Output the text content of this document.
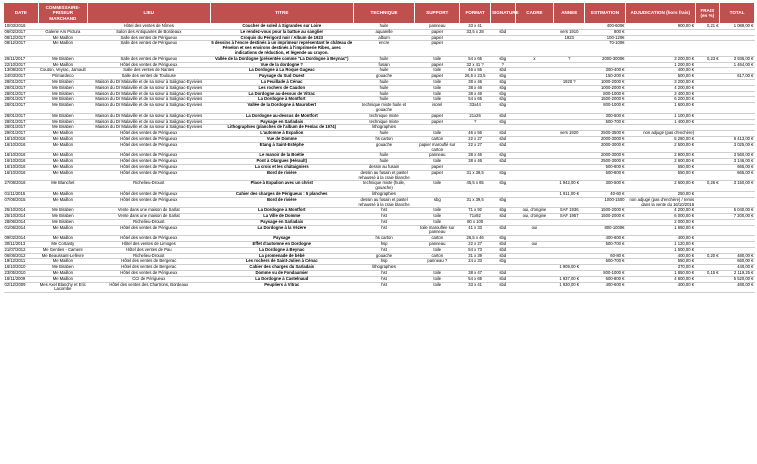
DATE	COMMISSAIRE-PRISEUR MARCHAND	LIEU	TITRE	TECHNIQUE	SUPPORT	FORMAT	SIGNATURE	CADRE	ANNEE	ESTIMATION	ADJUDICATION (hors frais)	FRAIS (en %)	TOTAL
10/03/2018		Hôtel des ventes de Nîmes	Coucher de soleil à Sigrandes sur Loire	huile	panneau	33 x 41				400-600€	900,00 €	0,21 €	1 089,00 €
06/02/2017	Galerie Ars Pictura	Salon des Antiquaires de Bordeaux	Le rendez-vous pour la battue au sanglier	aquarelle	papier	33,5 x 28	sbd		vers 1910	800 €			
08/12/2017	Me Maillon	Salle des ventes de Périgueux	Croquis du Périgord noir / Album de 1923	album	papier				1923	100-120€			
08/12/2017	Me Maillon	Salle des ventes de Périgueux	5 dessins à l'encre destinés à un imprimeur représentant le château de Fénelon et ses environs destinés à l'imprimerie Ribes, avec indications de réduction, et légende au crayon.	encre	papier					70-100€			
26/11/2017	Me Biraben	Salle des ventes de Périgueux	Vallée de la Dordogne (présentée comme "La Dordogne à Beynac")	huile	toile	54 x 65	sbg	x	?	2000-3000€	3 200,00 €	0,23 €	3 936,00 €
22/10/2017	Me Maillon	Hôtel des ventes de Périgueux	Vue de la dordogne ?	fusain	papier	32 x 41 ?	?				1 200,00 €		1 464,00 €
13/08/2017	Couton, Veyrac, Jamault	Salle des ventes de Nantes	La Dordogne à La Roque Gageac	huile	toile	46 x 55	sbd			300-400 €	400,00 €		
24/03/2017	Primardeco	Salle des ventes de Toulouse	Paysage du Sud Ouest	gouache	papier	26,5 x 23,5	sbg			150-200 €	500,00 €		617,00 €
28/01/2017	Me Biraben	Maison du Dr Malaville et de sa sœur à Salignac-Eyvivies	La Feuillade à Cénac	huile	toile	38 x 46	sbg		1920 ?	1000-2000 €	3 200,00 €		
28/01/2017	Me Biraben	Maison du Dr Malaville et de sa sœur à Salignac-Eyvivies	Les rochers de Caudon	huile	toile	38 x 46	sbg			1000-2000 €	4 200,00 €		
28/01/2017	Me Biraben	Maison du Dr Malaville et de sa sœur à Salignac-Eyvivies	La Dordogne au-dessus de Vitrac	huile	toile	38 x 46	sbg			800-1000 €	3 400,00 €		
28/01/2017	Me Biraben	Maison du Dr Malaville et de sa sœur à Salignac-Eyvivies	La Dordogne à Montfort	huile	toile	54 x 65	sbg			1500-2000 €	6 200,00 €		
28/01/2017	Me Biraben	Maison du Dr Malaville et de sa sœur à Salignac-Eyvivies	Vallée de la Dordogne à Maurobert	technique mixte huile et gouache	isorel	33x44	sbg			800-1000 €	1 600,00 €		
28/01/2017	Me Biraben	Maison du Dr Malaville et de sa sœur à Salignac-Eyvivies	La Dordogne au-dessus de Montfort	technique mixte	papier	21x26	sbd			300-500 €	1 100,00 €		
28/01/2017	Me Biraben	Maison du Dr Malaville et de sa sœur à Salignac-Eyvivies	Paysage en Sarladais	technique mixte	papier	?	sbg			500-700 €	1 400,00 €		
28/01/2017	Me Biraben	Maison du Dr Malaville et de sa sœur à Salignac-Eyvivies	Lithographies (planches de l'album de Fenlac de 1974)	lithographies									
29/01/2017	Me Maillon	Hôtel des ventes de Périgueux	L'automne à Expalion	huile	toile	46 x 55	sbd		vers 1920	2500-3500 €	non adjugé (pas d'enchère)		
16/10/2016	Me Maillon	Hôtel des ventes de Périgueux	Vue de Domme	hs carton	carton	22 x 27	sbd			2000-3000 €	5 280,00 €		6 413,00 €
16/10/2016	Me Maillon	Hôtel des ventes de Périgueux	Etang à Saint-Estèphe	gouache	papier marouflé sur carton	22 x 27	sbd			2000-3000 €	2 500,00 €		3 025,00 €
16/10/2016	Me Maillon	Hôtel des ventes de Périgueux	Le manoir de la Boétie	huile	panneau	38 x 46	sbg			2000-3000 €	2 900,00 €		3 560,00 €
16/10/2016	Me Maillon	Hôtel des ventes de Périgueux	Pont à Olargues (Hérault)	huile	toile	38 x 46	sbd			2500-3000 €	2 600,00 €		3 146,00 €
16/10/2016	Me Maillon	Hôtel des ventes de Périgueux	La croix et les châtaigniers	dessin au fusain	papier					500-800 €	550,00 €		665,00 €
16/10/2016	Me Maillon	Hôtel des ventes de Périgueux	Bord de rivière	dessin au fusain et pastel rehaussé à la craie blanche	papier	31 x 39,5	sbg			500-800 €	550,00 €		665,00 €
27/08/2016	Me Blanchet	Richelieu-Drouot	Place à Expalion avec un christ	technique mixte (huile, gouache)	toile	45,5 x 65	sbg		1 942,00 €	300-500 €	2 600,00 €	0,26 €	3 150,00 €
01/11/2015	Me Maillon	Hôtel des ventes de Périgueux	Cahier des charges de Périgueux : 5 planches	lithographies					1 911,00 €	40-60 €	250,00 €		
07/06/2015	Me Maillon	Hôtel des ventes de Périgueux	Bord de rivière	dessin au fusain et pastel rehaussé à la craie blanche	sbg	31 x 39,5	sbg			1000-1500	non adjugé (pas d'enchère) / remis dans la vente du 16/10/2016		
25/10/2014	Me Biraben	Vente dans une maison de Sarlat	La Dordogne à Montfort	hst	toile	71 x 92	sbg	oui, d'origine	SAF 1936	1500-2000 €	4 200,00 €		5 040,00 €
25/10/2014	Me Biraben	Vente dans une maison de Sarlat	La Ville de Domme	hst	toile	71x92	sbd	oui, d'origine	SAF 1957	1500-2000 €	6 000,00 €		7 200,00 €
28/06/2014	Me Biraben	Richelieu-Drouot	Paysage en Sarladais	hst	toile	80 x 100					2 000,00 €		
01/06/2014	Me Maillon	Hôtel des ventes de Périgueux	La Dordogne à la Vézère	hst	toile marouflée sur panneau	41 x 33	sbd	oui		800-1000€	1 650,00 €		
09/02/2014	Me Maillon	Hôtel des ventes de Périgueux	Paysage	hs carton	carton	26,5 x 46	sbg			400-600 €	400,00 €		
30/11/2013	Me Cortanty	Hôtel des ventes de Limoges	Effet d'automne en Dordogne	hsp	panneau	22 x 27	sbd	oui		500-700 €	1 120,00 €		
21/07/2012	Me Genties - Camere	Hôtel des ventes de Pau	La Dordogne à Beynac	hst	toile	54 x 73	sbd				1 500,00 €		
06/06/2012	Me Beaussant-Lefèvre	Richelieu-Drouot	La promenade de bébé	gouache	carton	31 x 39	sbd			60-80 €	400,00 €	0,20 €	480,00 €
19/12/2011	Me Maillon	Hôtel des ventes de Bergerac	Les rochers de Saint-Julien à Cénac	hsp	panneau ?	24 x 33	sbg			500-700 €	550,00 €		660,00 €
16/10/2010	Me Biraben	Hôtel des ventes de Bergerac	Cahier des charges du Sarladais	lithographies					1 909,00 €		370,00 €		440,00 €
23/05/2010	Me Maillon	Hôtel des ventes de Périgueux	Domme vu de Fondaumier	hst	toile	38 x 47	sbd			800-1000 €	1 850,00 €	0,15 €	2 119,25 €
16/11/2009	Me Maillon	CCI de Périgueux	La Dordogne à Castelnaud	hst	toile	54 x 65	sbd		1 937,00 €	600-800 €	4 600,00 €		5 520,00 €
02/12/2009	Mes Axel Blanchy et Eric Lacombe	Hôtel des ventes des Chartrons, Bordeaux	Peupliers à Vitrac	hst	toile	33 x 41	sbd		1 930,00 €	400-600 €	400,00 €		480,00 €
